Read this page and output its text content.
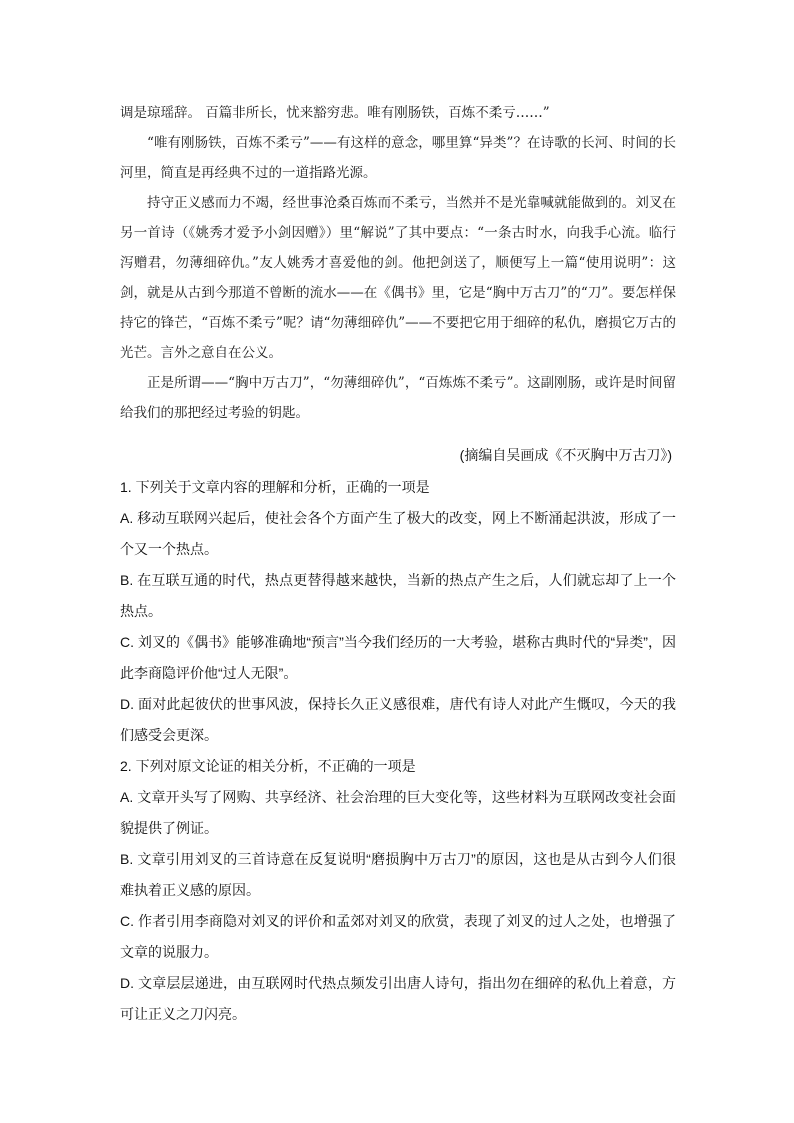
调是琼瑶辞。 百篇非所长，忧来豁穷悲。唯有刚肠铁，百炼不柔亏……”

“唯有刚肠铁，百炼不柔亏”——有这样的意念，哪里算“异类”？在诗歌的长河、时间的长河里，简直是再经典不过的一道指路光源。

持守正义感而力不竭，经世事沧桑百炼而不柔亏，当然并不是光靠喊就能做到的。刘叉在另一首诗（《姚秀才爱予小剑因赠》）里“解说”了其中要点：“一条古时水，向我手心流。临行泻赠君，勿薄细碎仇。”友人姚秀才喜爱他的剑。他把剑送了，顺便写上一篇“使用说明”：这剑，就是从古到今那道不曾断的流水——在《偶书》里，它是“胸中万古刀”的“刀”。要怎样保持它的锋芒，“百炼不柔亏”呢？请“勿薄细碎仇”——不要把它用于细碎的私仇，磨损它万古的光芒。言外之意自在公义。

正是所谓——“胸中万古刀”，“勿薄细碎仇”，“百炼炼不柔亏”。这副刚肠，或许是时间留给我们的那把经过考验的钥匙。

(摘编自吴画成《不灭胸中万古刀》)

1. 下列关于文章内容的理解和分析，正确的一项是

A. 移动互联网兴起后，使社会各个方面产生了极大的改变，网上不断涌起洪波，形成了一个又一个热点。

B. 在互联互通的时代，热点更替得越来越快，当新的热点产生之后，人们就忘却了上一个热点。

C. 刘叉的《偶书》能够准确地“预言”当今我们经历的一大考验，堪称古典时代的“异类”，因此李商隐评价他“过人无限”。

D. 面对此起彼伏的世事风波，保持长久正义感很难，唐代有诗人对此产生慨叹，今天的我们感受会更深。

2. 下列对原文论证的相关分析，不正确的一项是

A. 文章开头写了网购、共享经济、社会治理的巨大变化等，这些材料为互联网改变社会面貌提供了例证。

B. 文章引用刘叉的三首诗意在反复说明“磨损胸中万古刀”的原因，这也是从古到今人们很难执着正义感的原因。

C. 作者引用李商隐对刘叉的评价和孟郊对刘叉的欣赏，表现了刘叉的过人之处，也增强了文章的说服力。

D. 文章层层递进，由互联网时代热点频发引出唐人诗句，指出勿在细碎的私仇上着意，方可让正义之刀闪亮。
